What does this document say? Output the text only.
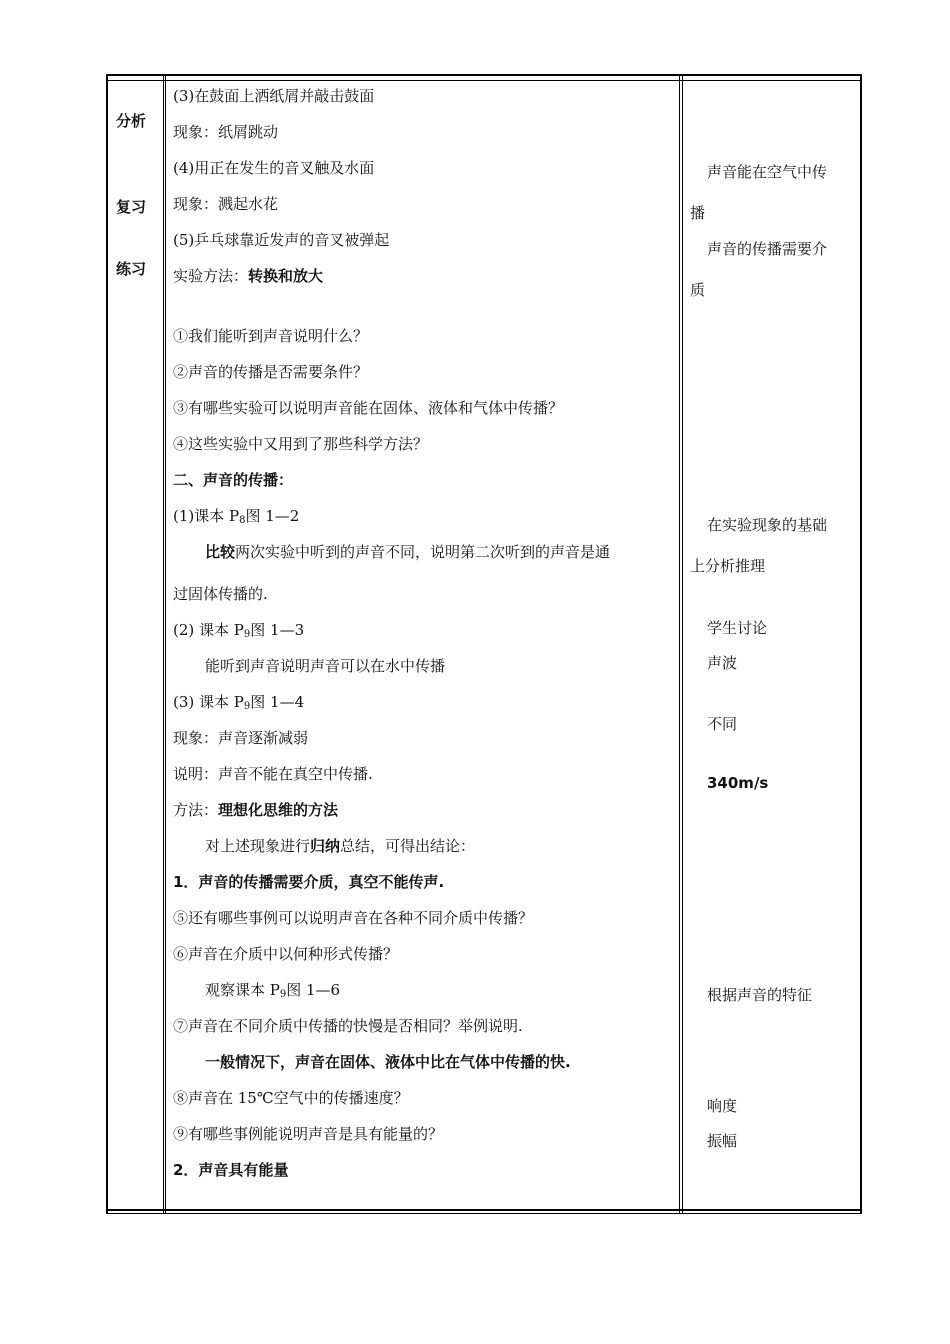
分析
复习
练习
(3)在鼓面上洒纸屑并敲击鼓面
现象：纸屑跳动
(4)用正在发生的音叉触及水面
现象：溅起水花
(5)乒乓球靠近发声的音叉被弹起
实验方法：转换和放大
①我们能听到声音说明什么？
②声音的传播是否需要条件？
③有哪些实验可以说明声音能在固体、液体和气体中传播？
④这些实验中又用到了那些科学方法？
二、声音的传播：
(1)课本 $P_8$图 1—2
比较两次实验中听到的声音不同，说明第二次听到的声音是通
过固体传播的.
(2) 课本 $P_9$图 1—3
能听到声音说明声音可以在水中传播
(3) 课本 $P_9$图 1—4
现象：声音逐渐减弱
说明：声音不能在真空中传播.
方法：理想化思维的方法
对上述现象进行归纳总结，可得出结论：
1．声音的传播需要介质，真空不能传声.
⑤还有哪些事例可以说明声音在各种不同介质中传播？
⑥声音在介质中以何种形式传播？
观察课本 $P_9$图 1—6
⑦声音在不同介质中传播的快慢是否相同？举例说明.
一般情况下，声音在固体、液体中比在气体中传播的快.
⑧声音在 15℃空气中的传播速度？
⑨有哪些事例能说明声音是具有能量的？
2．声音具有能量
声音能在空气中传
播
声音的传播需要介
质
在实验现象的基础
上分析推理
学生讨论
声波
不同
340m/s
根据声音的特征
响度
振幅
